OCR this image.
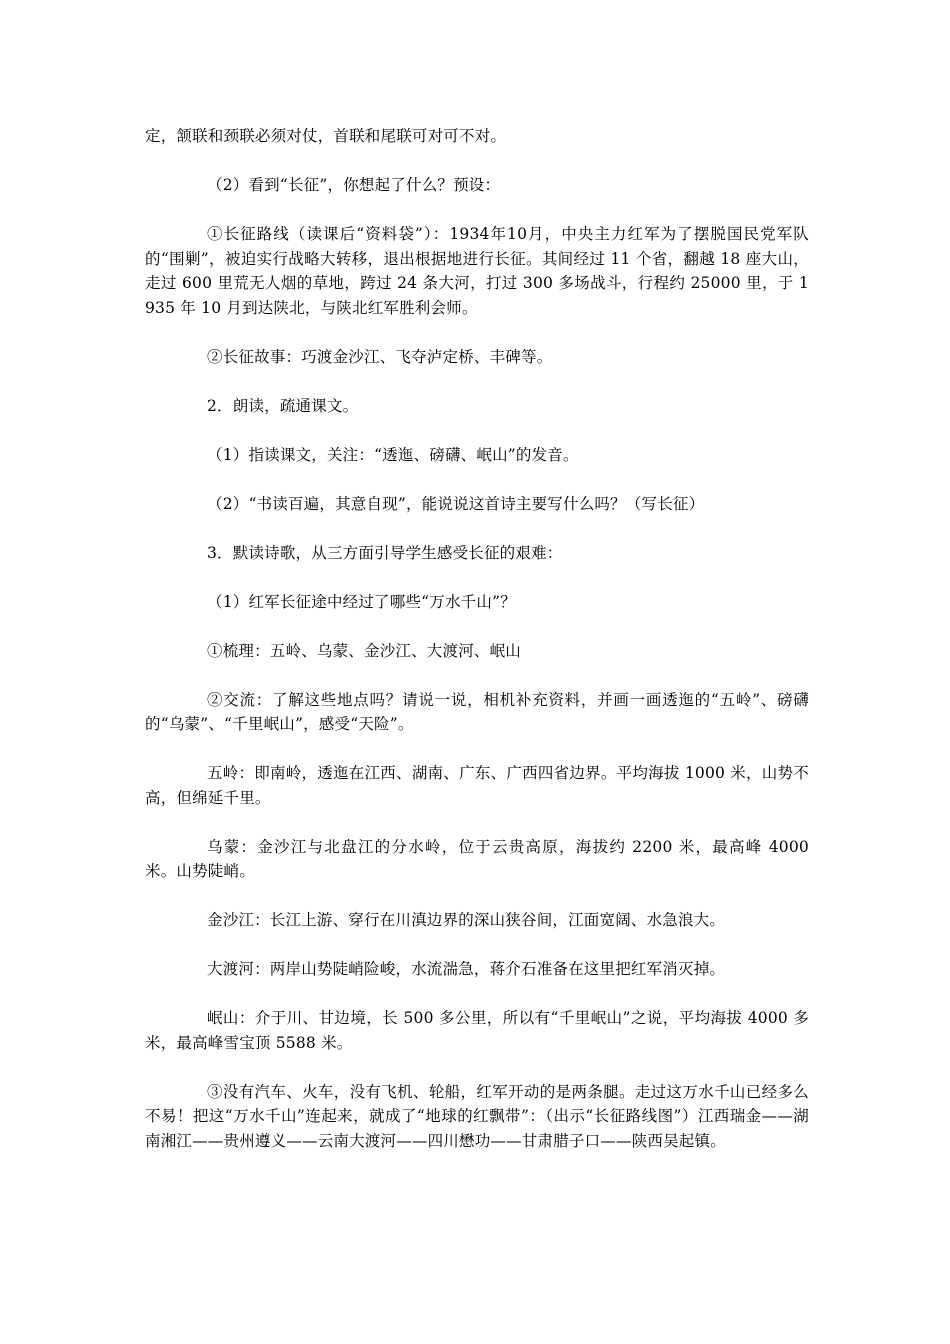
定，颔联和颈联必须对仗，首联和尾联可对可不对。

（2）看到“长征”，你想起了什么？预设：

①长征路线（读课后“资料袋”）：1934年10月，中央主力红军为了摆脱国民党军队的“围剿”，被迫实行战略大转移，退出根据地进行长征。其间经过 11 个省，翻越 18 座大山，走过 600 里荒无人烟的草地，跨过 24 条大河，打过 300 多场战斗，行程约 25000 里，于 1935 年 10 月到达陕北，与陕北红军胜利会师。

②长征故事：巧渡金沙江、飞夺泸定桥、丰碑等。

2．朗读，疏通课文。

（1）指读课文，关注：“透迤、磅礴、岷山”的发音。

（2）“书读百遍，其意自现”，能说说这首诗主要写什么吗？（写长征）

3．默读诗歌，从三方面引导学生感受长征的艰难：

（1）红军长征途中经过了哪些“万水千山”？

①梳理：五岭、乌蒙、金沙江、大渡河、岷山

②交流：了解这些地点吗？请说一说，相机补充资料，并画一画透迤的“五岭”、磅礴的“乌蒙”、“千里岷山”，感受“天险”。

五岭：即南岭，透迤在江西、湖南、广东、广西四省边界。平均海拔 1000 米，山势不高，但绵延千里。

乌蒙：金沙江与北盘江的分水岭，位于云贵高原，海拔约 2200 米，最高峰 4000 米。山势陡峭。

金沙江：长江上游、穿行在川滇边界的深山狭谷间，江面宽阔、水急浪大。

大渡河：两岸山势陡峭险峻，水流湍急，蒋介石准备在这里把红军消灭掉。

岷山：介于川、甘边境，长 500 多公里，所以有“千里岷山”之说，平均海拔 4000 多米，最高峰雪宝顶 5588 米。

③没有汽车、火车，没有飞机、轮船，红军开动的是两条腿。走过这万水千山已经多么不易！把这“万水千山”连起来，就成了“地球的红飘带”：（出示“长征路线图”）江西瑞金——湖南湘江——贵州遵义——云南大渡河——四川懋功——甘肃腊子口——陕西吴起镇。
